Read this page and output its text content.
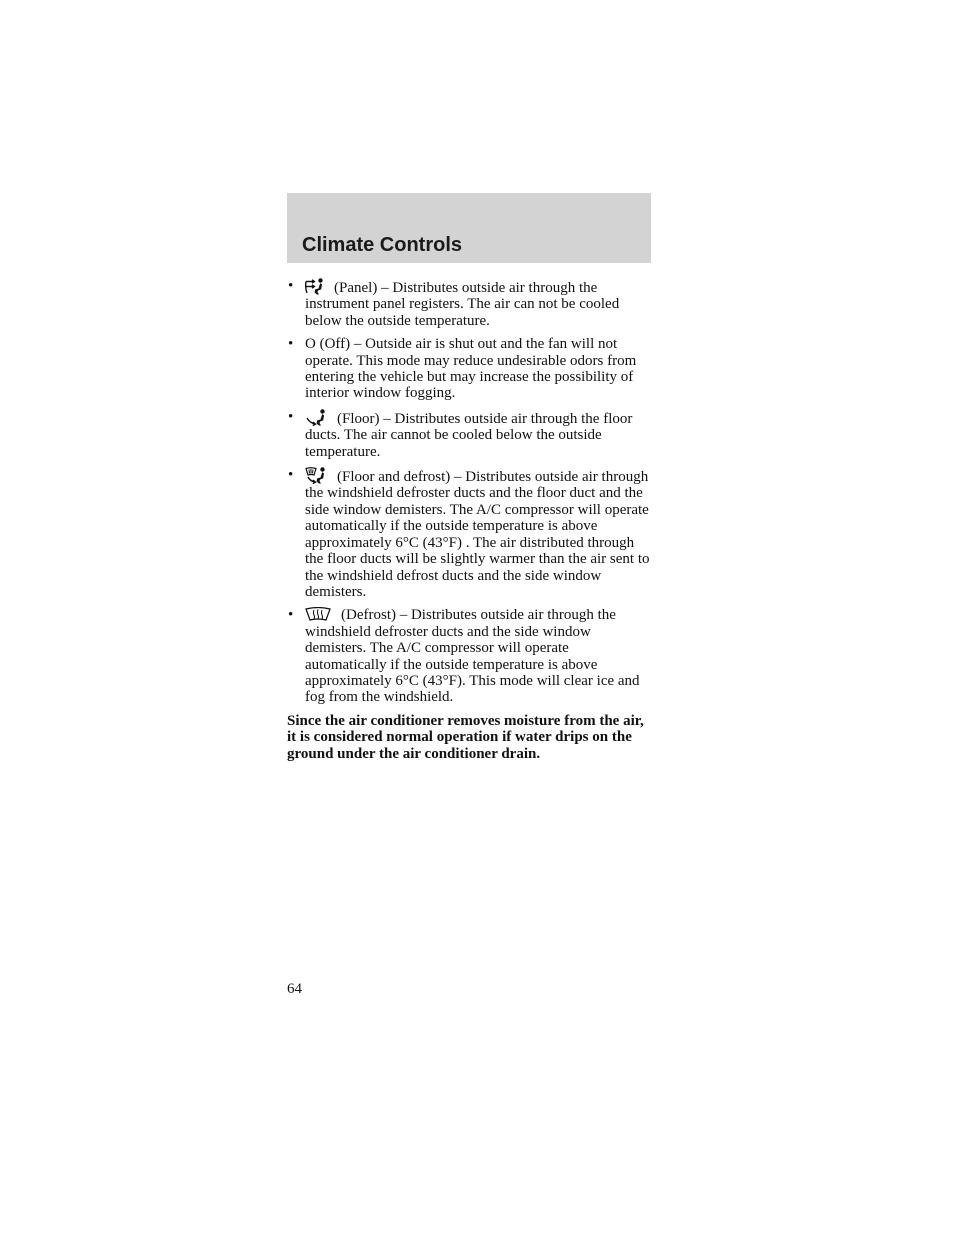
Climate Controls
•	(Panel) – Distributes outside air through the instrument panel registers. The air can not be cooled below the outside temperature.
• O (Off) – Outside air is shut out and the fan will not operate. This mode may reduce undesirable odors from entering the vehicle but may increase the possibility of interior window fogging.
•	(Floor) – Distributes outside air through the floor ducts. The air cannot be cooled below the outside temperature.
•	(Floor and defrost) – Distributes outside air through the windshield defroster ducts and the floor duct and the side window demisters. The A/C compressor will operate automatically if the outside temperature is above approximately 6°C (43°F) . The air distributed through the floor ducts will be slightly warmer than the air sent to the windshield defrost ducts and the side window demisters.
•	(Defrost) – Distributes outside air through the windshield defroster ducts and the side window demisters. The A/C compressor will operate automatically if the outside temperature is above approximately 6°C (43°F). This mode will clear ice and fog from the windshield.

Since the air conditioner removes moisture from the air, it is considered normal operation if water drips on the ground under the air conditioner drain.

64
